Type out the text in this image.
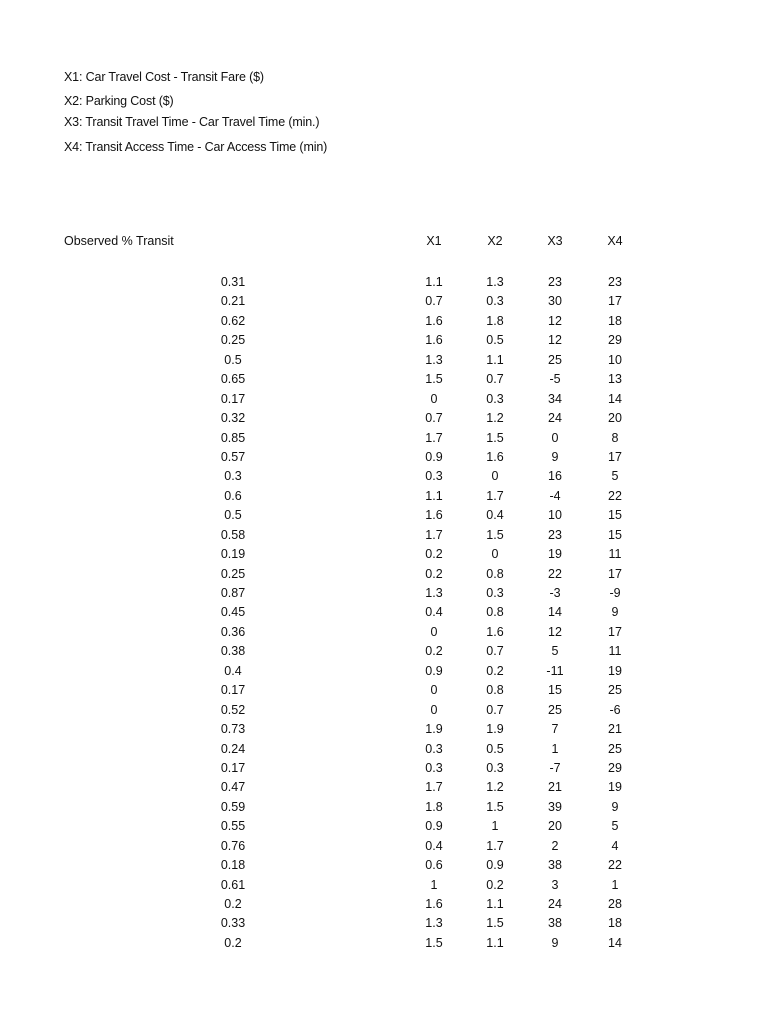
X1: Car Travel Cost - Transit Fare ($)
X2: Parking Cost ($)
X3: Transit Travel Time - Car Travel Time (min.)
X4: Transit Access Time - Car Access Time (min)
Observed % Transit	X1	X2	X3	X4
0.31	1.1	1.3	23	23
0.21	0.7	0.3	30	17
0.62	1.6	1.8	12	18
0.25	1.6	0.5	12	29
0.5	1.3	1.1	25	10
0.65	1.5	0.7	-5	13
0.17	0	0.3	34	14
0.32	0.7	1.2	24	20
0.85	1.7	1.5	0	8
0.57	0.9	1.6	9	17
0.3	0.3	0	16	5
0.6	1.1	1.7	-4	22
0.5	1.6	0.4	10	15
0.58	1.7	1.5	23	15
0.19	0.2	0	19	11
0.25	0.2	0.8	22	17
0.87	1.3	0.3	-3	-9
0.45	0.4	0.8	14	9
0.36	0	1.6	12	17
0.38	0.2	0.7	5	11
0.4	0.9	0.2	-11	19
0.17	0	0.8	15	25
0.52	0	0.7	25	-6
0.73	1.9	1.9	7	21
0.24	0.3	0.5	1	25
0.17	0.3	0.3	-7	29
0.47	1.7	1.2	21	19
0.59	1.8	1.5	39	9
0.55	0.9	1	20	5
0.76	0.4	1.7	2	4
0.18	0.6	0.9	38	22
0.61	1	0.2	3	1
0.2	1.6	1.1	24	28
0.33	1.3	1.5	38	18
0.2	1.5	1.1	9	14
